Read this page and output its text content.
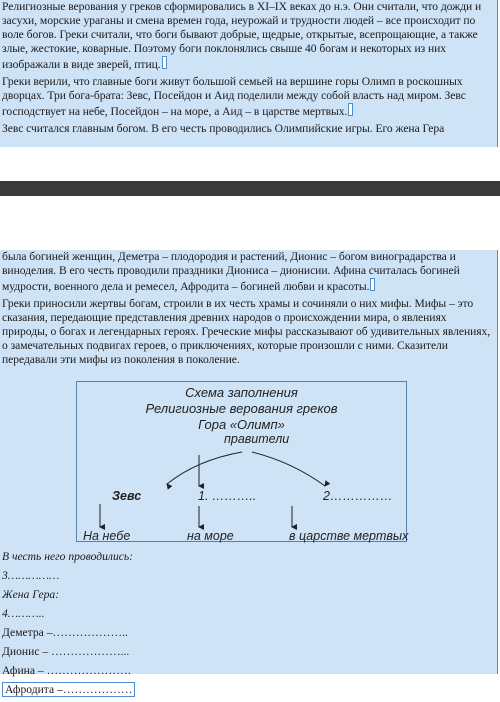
Религиозные верования у греков сформировались в XI–IX веках до н.э. Они считали, что дожди и засухи, морские ураганы и смена времен года, неурожай и трудности людей – все происходит по воле богов. Греки считали, что боги бывают добрые, щедрые, открытые, всепрощающие, а также злые, жестокие, коварные. Поэтому боги поклонялись свыше 40 богам и некоторых из них изображали в виде зверей, птиц.

Греки верили, что главные боги живут большой семьей на вершине горы Олимп в роскошных дворцах. Три бога-брата: Зевс, Посейдон и Аид поделили между собой власть над миром. Зевс господствует на небе, Посейдон – на море, а Аид – в царстве мертвых.

Зевс считался главным богом. В его честь проводились Олимпийские игры. Его жена Гера

была богиней женщин, Деметра – плодородия и растений, Дионис – богом виноградарства и виноделия. В его честь проводили праздники Диониса – дионисии. Афина считалась богиней мудрости, военного дела и ремесел, Афродита – богиней любви и красоты.

Греки приносили жертвы богам, строили в их честь храмы и сочиняли о них мифы. Мифы – это сказания, передающие представления древних народов о происхождении мира, о явлениях природы, о богах и легендарных героях. Греческие мифы рассказывают об удивительных явлениях, о замечательных подвигах героев, о приключениях, которые произошли с ними. Сказители передавали эти мифы из поколения в поколение.

Схема заполнения
Религиозные верования греков
Гора «Олимп»
правители
Зевс	1. ………..	2……………
На небе	на море	в царстве мертвых
В честь него проводились:
3……………
Жена Гера:
4………..
Деметра –………………..
Дионис – ………………...
Афина – ………………….
Афродита –………………
